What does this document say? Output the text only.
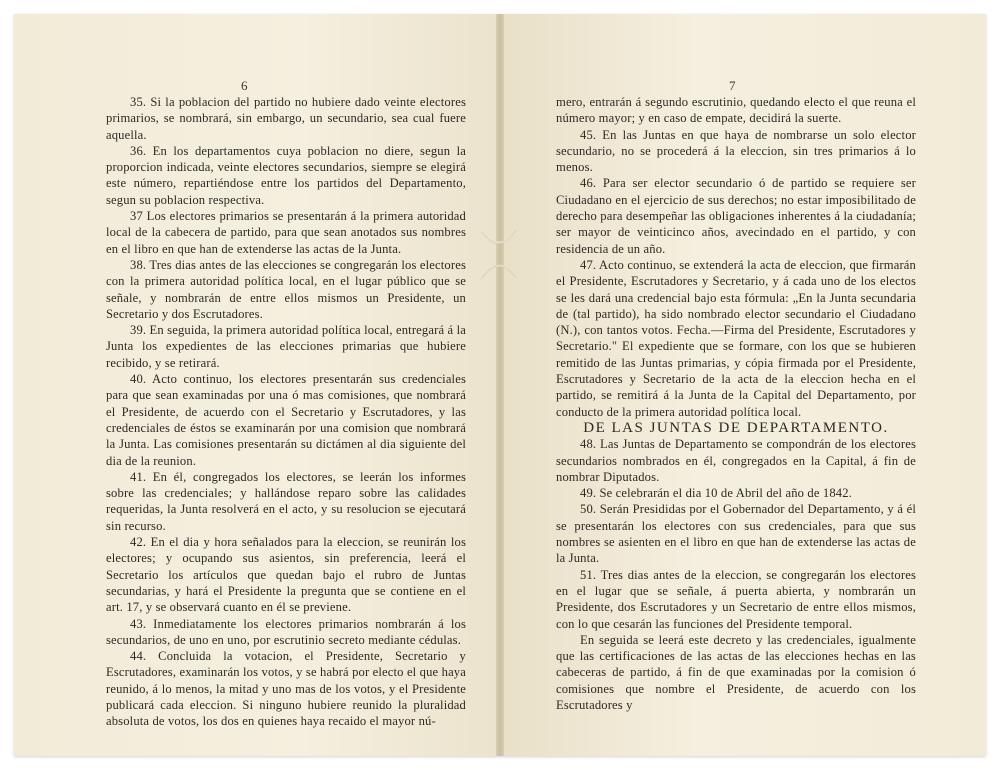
6

35. Si la poblacion del partido no hubiere dado veinte electores primarios, se nombrará, sin embargo, un secundario, sea cual fuere aquella.

36. En los departamentos cuya poblacion no diere, segun la proporcion indicada, veinte electores secundarios, siempre se elegirá este número, repartiéndose entre los partidos del Departamento, segun su poblacion respectiva.

37 Los electores primarios se presentarán á la primera autoridad local de la cabecera de partido, para que sean anotados sus nombres en el libro en que han de extenderse las actas de la Junta.

38. Tres dias antes de las elecciones se congregarán los electores con la primera autoridad política local, en el lugar público que se señale, y nombrarán de entre ellos mismos un Presidente, un Secretario y dos Escrutadores.

39. En seguida, la primera autoridad política local, entregará á la Junta los expedientes de las elecciones primarias que hubiere recibido, y se retirará.

40. Acto continuo, los electores presentarán sus credenciales para que sean examinadas por una ó mas comisiones, que nombrará el Presidente, de acuerdo con el Secretario y Escrutadores, y las credenciales de éstos se examinarán por una comision que nombrará la Junta. Las comisiones presentarán su dictámen al dia siguiente del dia de la reunion.

41. En él, congregados los electores, se leerán los informes sobre las credenciales; y hallándose reparo sobre las calidades requeridas, la Junta resolverá en el acto, y su resolucion se ejecutará sin recurso.

42. En el dia y hora señalados para la eleccion, se reunirán los electores; y ocupando sus asientos, sin preferencia, leerá el Secretario los artículos que quedan bajo el rubro de Juntas secundarias, y hará el Presidente la pregunta que se contiene en el art. 17, y se observará cuanto en él se previene.

43. Inmediatamente los electores primarios nombrarán á los secundarios, de uno en uno, por escrutinio secreto mediante cédulas.

44. Concluida la votacion, el Presidente, Secretario y Escrutadores, examinarán los votos, y se habrá por electo el que haya reunido, á lo menos, la mitad y uno mas de los votos, y el Presidente publicará cada eleccion. Si ninguno hubiere reunido la pluralidad absoluta de votos, los dos en quienes haya recaido el mayor nú-

7

mero, entrarán á segundo escrutinio, quedando electo el que reuna el número mayor; y en caso de empate, decidirá la suerte.

45. En las Juntas en que haya de nombrarse un solo elector secundario, no se procederá á la eleccion, sin tres primarios á lo menos.

46. Para ser elector secundario ó de partido se requiere ser Ciudadano en el ejercicio de sus derechos; no estar imposibilitado de derecho para desempeñar las obligaciones inherentes á la ciudadanía; ser mayor de veinticinco años, avecindado en el partido, y con residencia de un año.

47. Acto continuo, se extenderá la acta de eleccion, que firmarán el Presidente, Escrutadores y Secretario, y á cada uno de los electos se les dará una credencial bajo esta fórmula: „En la Junta secundaria de (tal partido), ha sido nombrado elector secundario el Ciudadano (N.), con tantos votos. Fecha.—Firma del Presidente, Escrutadores y Secretario." El expediente que se formare, con los que se hubieren remitido de las Juntas primarias, y cópia firmada por el Presidente, Escrutadores y Secretario de la acta de la eleccion hecha en el partido, se remitirá á la Junta de la Capital del Departamento, por conducto de la primera autoridad política local.

DE LAS JUNTAS DE DEPARTAMENTO.

48. Las Juntas de Departamento se compondrán de los electores secundarios nombrados en él, congregados en la Capital, á fin de nombrar Diputados.

49. Se celebrarán el dia 10 de Abril del año de 1842.

50. Serán Presididas por el Gobernador del Departamento, y á él se presentarán los electores con sus credenciales, para que sus nombres se asienten en el libro en que han de extenderse las actas de la Junta.

51. Tres dias antes de la eleccion, se congregarán los electores en el lugar que se señale, á puerta abierta, y nombrarán un Presidente, dos Escrutadores y un Secretario de entre ellos mismos, con lo que cesarán las funciones del Presidente temporal.

En seguida se leerá este decreto y las credenciales, igualmente que las certificaciones de las actas de las elecciones hechas en las cabeceras de partido, á fin de que examinadas por la comision ó comisiones que nombre el Presidente, de acuerdo con los Escrutadores y
